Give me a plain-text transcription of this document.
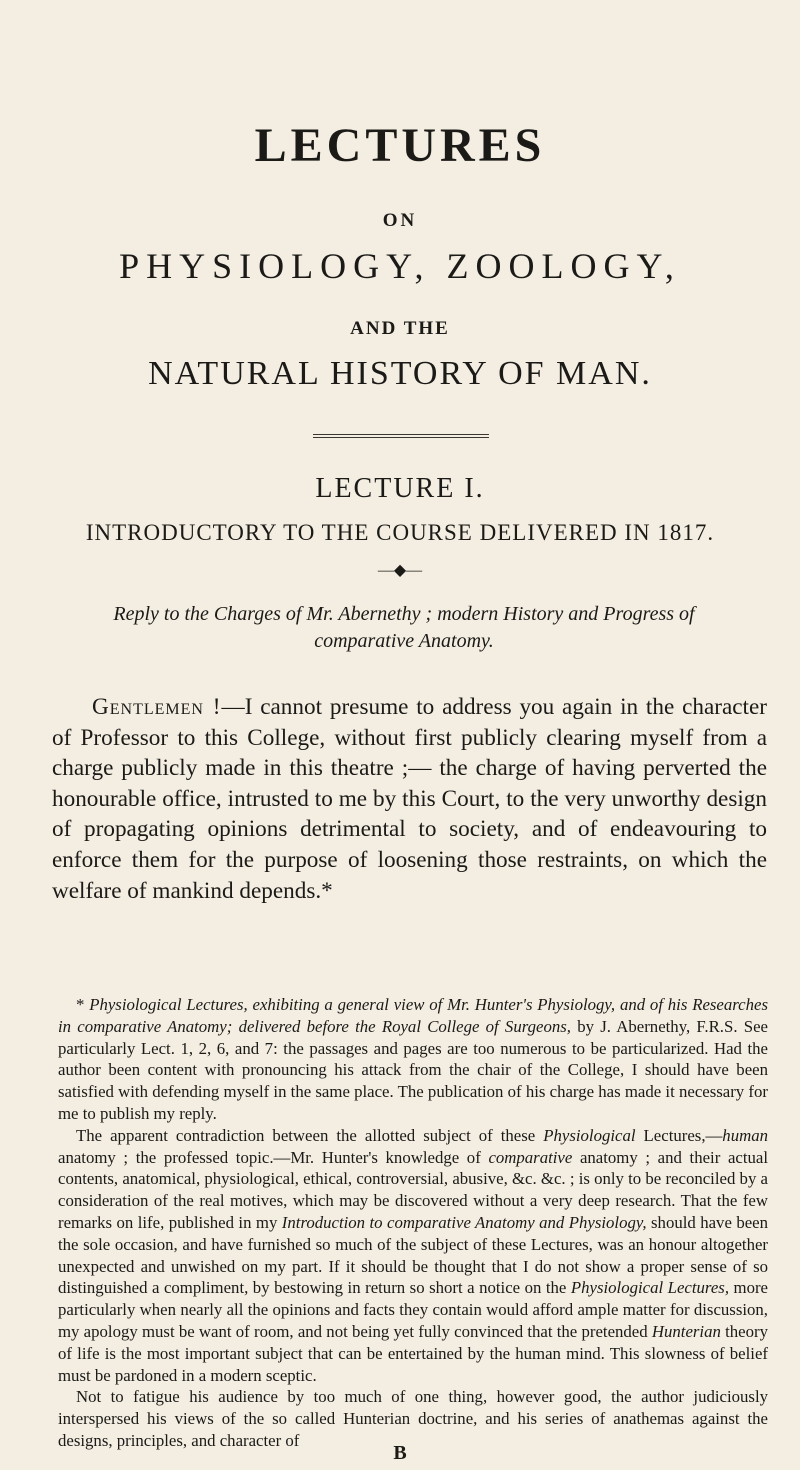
LECTURES
ON
PHYSIOLOGY, ZOOLOGY,
AND THE
NATURAL HISTORY OF MAN.
LECTURE I.
INTRODUCTORY TO THE COURSE DELIVERED IN 1817.
—◆—
Reply to the Charges of Mr. Abernethy ; modern History and Progress of comparative Anatomy.

Gentlemen !—I cannot presume to address you again in the character of Professor to this College, without first publicly clearing myself from a charge publicly made in this theatre ;— the charge of having perverted the honourable office, intrusted to me by this Court, to the very unworthy design of propagating opinions detrimental to society, and of endeavouring to enforce them for the purpose of loosening those restraints, on which the welfare of mankind depends.*

* Physiological Lectures, exhibiting a general view of Mr. Hunter's Physiology, and of his Researches in comparative Anatomy; delivered before the Royal College of Surgeons, by J. Abernethy, F.R.S. See particularly Lect. 1, 2, 6, and 7: the passages and pages are too numerous to be particularized. Had the author been content with pronouncing his attack from the chair of the College, I should have been satisfied with defending myself in the same place. The publication of his charge has made it necessary for me to publish my reply.

The apparent contradiction between the allotted subject of these Physiological Lectures,—human anatomy ; the professed topic.—Mr. Hunter's knowledge of comparative anatomy ; and their actual contents, anatomical, physiological, ethical, controversial, abusive, &c. &c. ; is only to be reconciled by a consideration of the real motives, which may be discovered without a very deep research. That the few remarks on life, published in my Introduction to comparative Anatomy and Physiology, should have been the sole occasion, and have furnished so much of the subject of these Lectures, was an honour altogether unexpected and unwished on my part. If it should be thought that I do not show a proper sense of so distinguished a compliment, by bestowing in return so short a notice on the Physiological Lectures, more particularly when nearly all the opinions and facts they contain would afford ample matter for discussion, my apology must be want of room, and not being yet fully convinced that the pretended Hunterian theory of life is the most important subject that can be entertained by the human mind. This slowness of belief must be pardoned in a modern sceptic.

Not to fatigue his audience by too much of one thing, however good, the author judiciously interspersed his views of the so called Hunterian doctrine, and his series of anathemas against the designs, principles, and character of

B
